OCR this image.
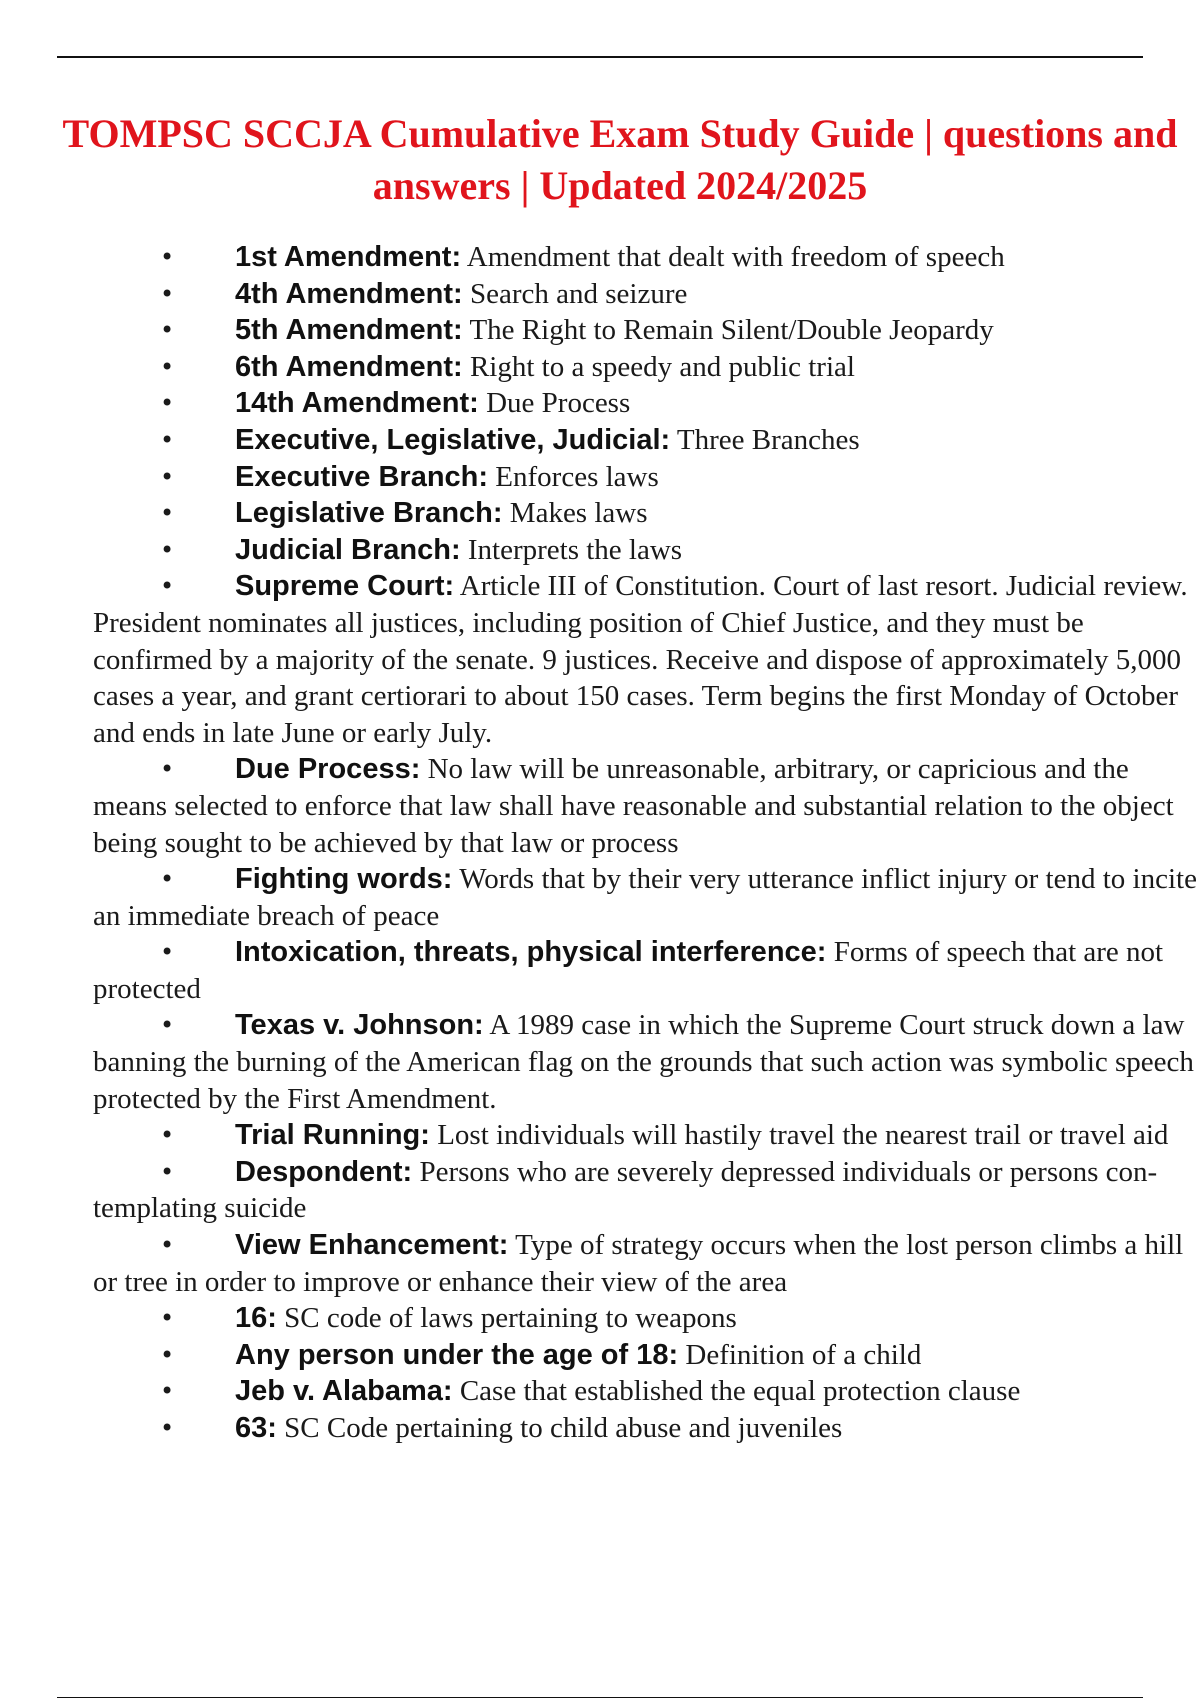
TOMPSC SCCJA Cumulative Exam Study Guide | questions and answers | Updated 2024/2025
• 1st Amendment: Amendment that dealt with freedom of speech
• 4th Amendment: Search and seizure
• 5th Amendment: The Right to Remain Silent/Double Jeopardy
• 6th Amendment: Right to a speedy and public trial
• 14th Amendment: Due Process
• Executive, Legislative, Judicial: Three Branches
• Executive Branch: Enforces laws
• Legislative Branch: Makes laws
• Judicial Branch: Interprets the laws
• Supreme Court: Article III of Constitution. Court of last resort. Judicial review. President nominates all justices, including position of Chief Justice, and they must be confirmed by a majority of the senate. 9 justices. Receive and dispose of approximately 5,000 cases a year, and grant certiorari to about 150 cases. Term begins the first Monday of October and ends in late June or early July.
• Due Process: No law will be unreasonable, arbitrary, or capricious and the means selected to enforce that law shall have reasonable and substantial relation to the object being sought to be achieved by that law or process
• Fighting words: Words that by their very utterance inflict injury or tend to incite an immediate breach of peace
• Intoxication, threats, physical interference: Forms of speech that are not protected
• Texas v. Johnson: A 1989 case in which the Supreme Court struck down a law banning the burning of the American flag on the grounds that such action was symbolic speech protected by the First Amendment.
• Trial Running: Lost individuals will hastily travel the nearest trail or travel aid
• Despondent: Persons who are severely depressed individuals or persons con- templating suicide
• View Enhancement: Type of strategy occurs when the lost person climbs a hill or tree in order to improve or enhance their view of the area
• 16: SC code of laws pertaining to weapons
• Any person under the age of 18: Definition of a child
• Jeb v. Alabama: Case that established the equal protection clause
• 63: SC Code pertaining to child abuse and juveniles
